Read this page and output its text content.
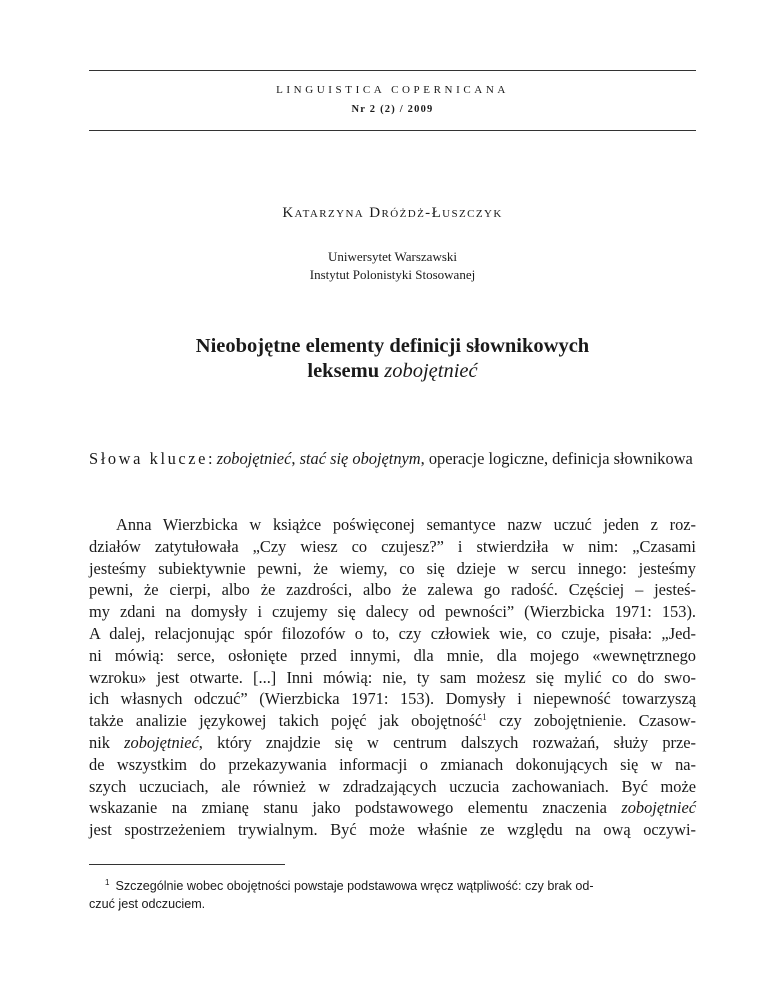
LINGUISTICA COPERNICANA
Nr 2 (2) / 2009
Katarzyna Dróżdż-Łuszczyk
Uniwersytet Warszawski
Instytut Polonistyki Stosowanej
Nieobojętne elementy definicji słownikowych
leksemu zobojętnieć
Słowa klucze: zobojętnieć, stać się obojętnym, operacje logiczne, definicja słownikowa
Anna Wierzbicka w książce poświęconej semantyce nazw uczuć jeden z roz-
działów zatytułowała „Czy wiesz co czujesz?” i stwierdziła w nim: „Czasami
jesteśmy subiektywnie pewni, że wiemy, co się dzieje w sercu innego: jesteśmy
pewni, że cierpi, albo że zazdrości, albo że zalewa go radość. Częściej – jesteś-
my zdani na domysły i czujemy się dalecy od pewności” (Wierzbicka 1971: 153).
A dalej, relacjonując spór filozofów o to, czy człowiek wie, co czuje, pisała: „Jed-
ni mówią: serce, osłonięte przed innymi, dla mnie, dla mojego «wewnętrznego
wzroku» jest otwarte. [...] Inni mówią: nie, ty sam możesz się mylić co do swo-
ich własnych odczuć” (Wierzbicka 1971: 153). Domysły i niepewność towarzyszą
także analizie językowej takich pojęć jak obojętność$^1$ czy zobojętnienie. Czasow-
nik zobojętnieć, który znajdzie się w centrum dalszych rozważań, służy prze-
de wszystkim do przekazywania informacji o zmianach dokonujących się w na-
szych uczuciach, ale również w zdradzających uczucia zachowaniach. Być może
wskazanie na zmianę stanu jako podstawowego elementu znaczenia zobojętnieć
jest spostrzeżeniem trywialnym. Być może właśnie ze względu na ową oczywi-
$^1$ Szczególnie wobec obojętności powstaje podstawowa wręcz wątpliwość: czy brak od-
czuć jest odczuciem.
